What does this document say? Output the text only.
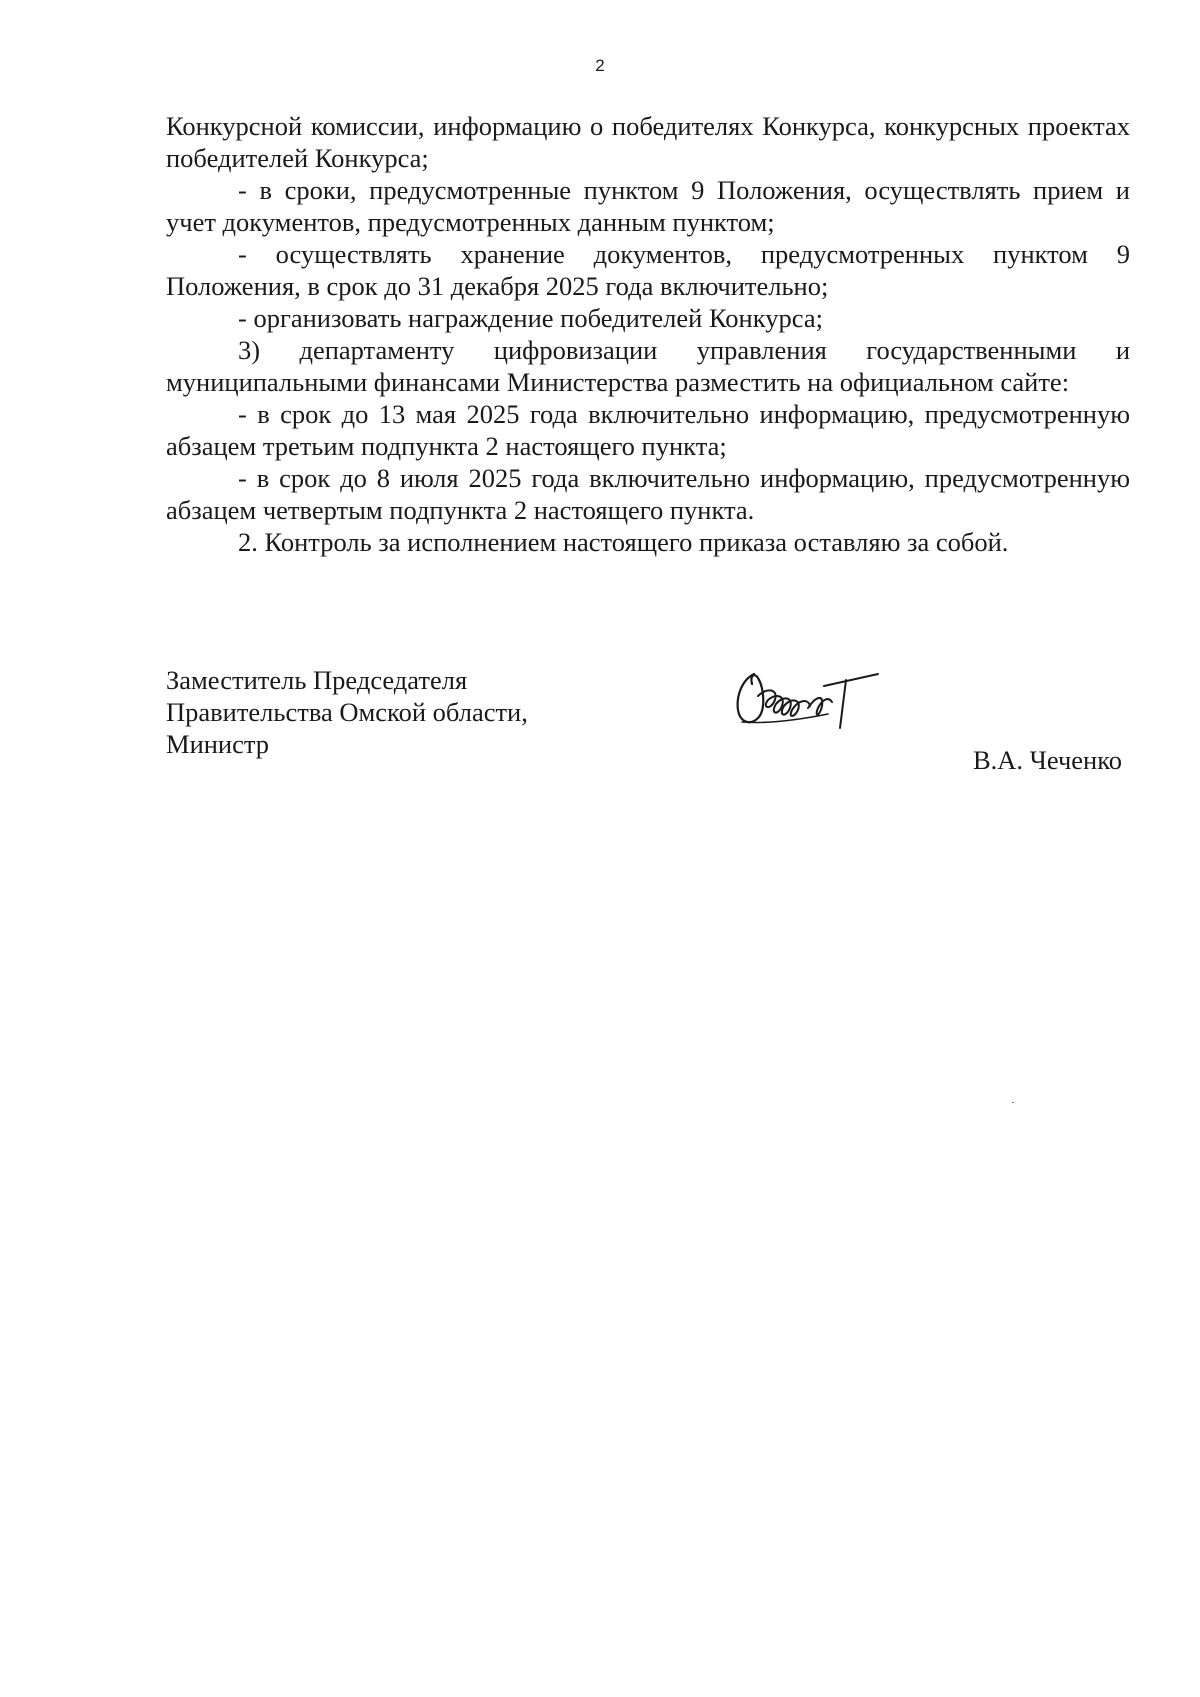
2

Конкурсной комиссии, информацию о победителях Конкурса, конкурсных проектах победителей Конкурса;

- в сроки, предусмотренные пунктом 9 Положения, осуществлять прием и учет документов, предусмотренных данным пунктом;

- осуществлять хранение документов, предусмотренных пунктом 9 Положения, в срок до 31 декабря 2025 года включительно;

- организовать награждение победителей Конкурса;

3) департаменту цифровизации управления государственными и муниципальными финансами Министерства разместить на официальном сайте:

- в срок до 13 мая 2025 года включительно информацию, предусмотренную абзацем третьим подпункта 2 настоящего пункта;

- в срок до 8 июля 2025 года включительно информацию, предусмотренную абзацем четвертым подпункта 2 настоящего пункта.

2. Контроль за исполнением настоящего приказа оставляю за собой.

Заместитель Председателя
Правительства Омской области,
Министр
В.А. Чеченко
